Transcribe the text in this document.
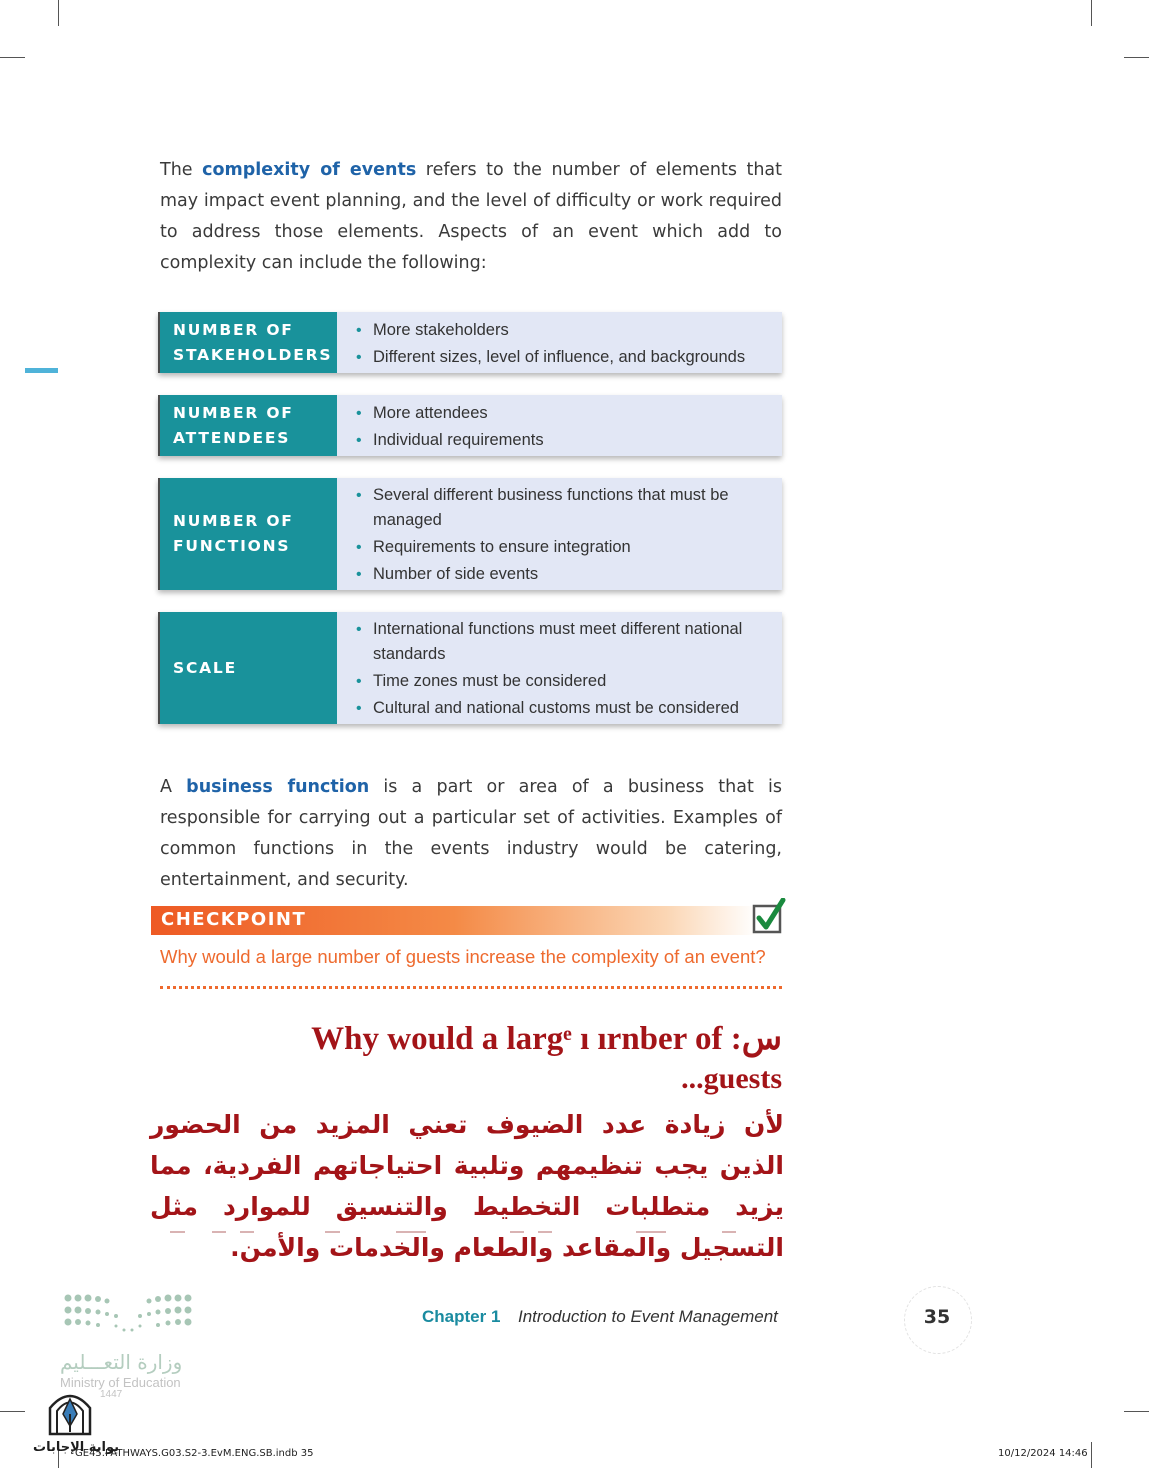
The complexity of events refers to the number of elements that may impact event planning, and the level of difficulty or work required to address those elements. Aspects of an event which add to complexity can include the following:

NUMBER OF
STAKEHOLDERS
• More stakeholders
• Different sizes, level of influence, and backgrounds
NUMBER OF
ATTENDEES
• More attendees
• Individual requirements
NUMBER OF
FUNCTIONS
• Several different business functions that must be managed
• Requirements to ensure integration
• Number of side events
SCALE
• International functions must meet different national standards
• Time zones must be considered
• Cultural and national customs must be considered

A business function is a part or area of a business that is responsible for carrying out a particular set of activities. Examples of common functions in the events industry would be catering, entertainment, and security.

CHECKPOINT
Why would a large number of guests increase the complexity of an event?
Why would a largᵉ ı ırnber of :س
...guests
لأن زيادة عدد الضيوف تعني المزيد من الحضور الذين يجب تنظيمهم وتلبية احتياجاتهم الفردية، مما يزيد متطلبات التخطيط والتنسيق للموارد مثل التسجيل والمقاعد والطعام والخدمات والأمن.
وزارة التعـــليم
Ministry of Education
1447
Chapter 1 Introduction to Event Management	35
بوابة الإجابات
GE45.PATHWAYS.G03.S2-3.EvM.ENG.SB.indb 35	10/12/2024 14:46
